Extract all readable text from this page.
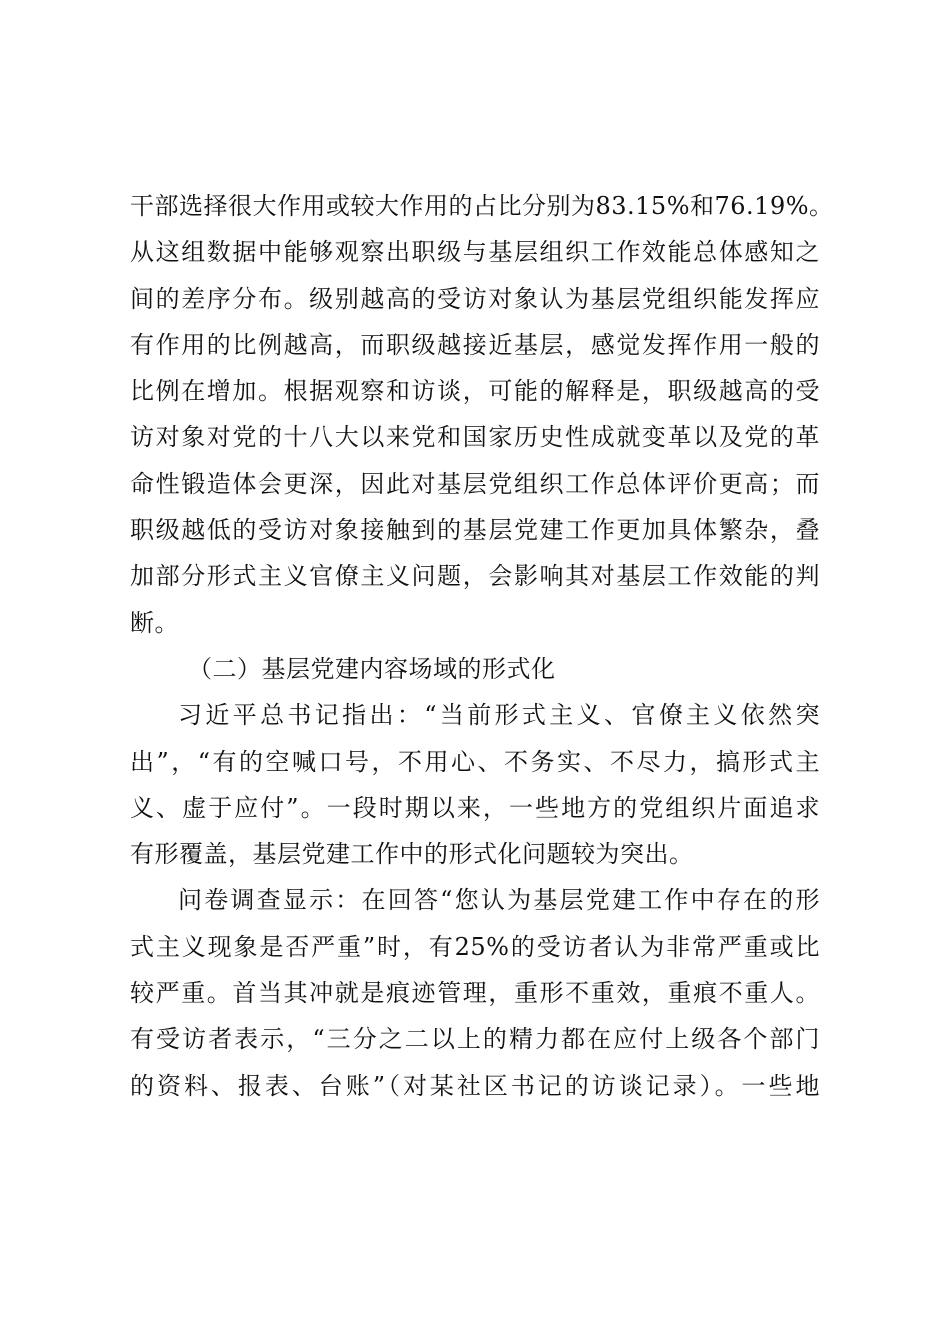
干部选择很大作用或较大作用的占比分别为83.15%和76.19%。
从这组数据中能够观察出职级与基层组织工作效能总体感知之
间的差序分布。级别越高的受访对象认为基层党组织能发挥应
有作用的比例越高，而职级越接近基层，感觉发挥作用一般的
比例在增加。根据观察和访谈，可能的解释是，职级越高的受
访对象对党的十八大以来党和国家历史性成就变革以及党的革
命性锻造体会更深，因此对基层党组织工作总体评价更高；而
职级越低的受访对象接触到的基层党建工作更加具体繁杂，叠
加部分形式主义官僚主义问题，会影响其对基层工作效能的判
断。
（二）基层党建内容场域的形式化
习近平总书记指出：“当前形式主义、官僚主义依然突
出”，“有的空喊口号，不用心、不务实、不尽力，搞形式主
义、虚于应付”。一段时期以来，一些地方的党组织片面追求
有形覆盖，基层党建工作中的形式化问题较为突出。
问卷调查显示：在回答“您认为基层党建工作中存在的形
式主义现象是否严重”时，有25%的受访者认为非常严重或比
较严重。首当其冲就是痕迹管理，重形不重效，重痕不重人。
有受访者表示，“三分之二以上的精力都在应付上级各个部门
的资料、报表、台账”（对某社区书记的访谈记录）。一些地
